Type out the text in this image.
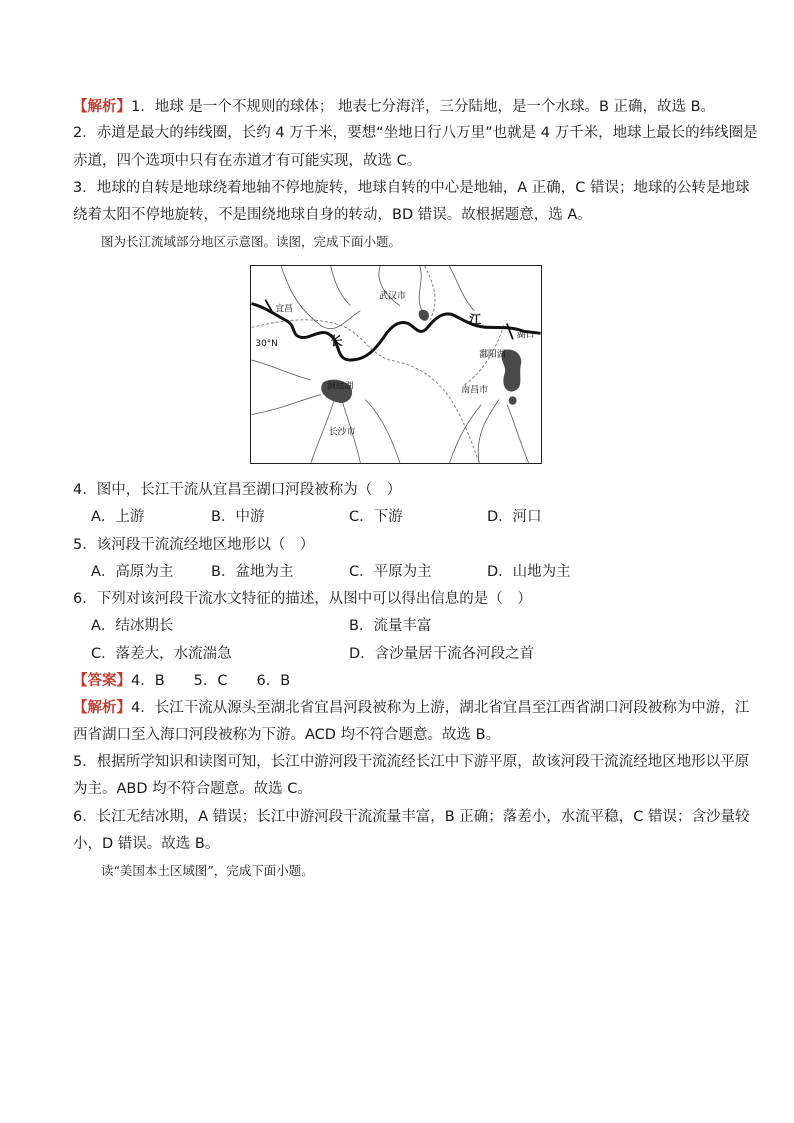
【解析】1．地球 是一个不规则的球体； 地表七分海洋，三分陆地，是一个水球。B 正确，故选 B。
2．赤道是最大的纬线圈，长约 4 万千米，要想“坐地日行八万里”也就是 4 万千米，地球上最长的纬线圈是
赤道，四个选项中只有在赤道才有可能实现，故选 C。
3．地球的自转是地球绕着地轴不停地旋转，地球自转的中心是地轴，A 正确，C 错误；地球的公转是地球
绕着太阳不停地旋转，不是围绕地球自身的转动，BD 错误。故根据题意，选 A。
图为长江流域部分地区示意图。读图，完成下面小题。
宜昌
武汉市
30°N	长
江
湖口
鄱阳湖
洞庭湖	南昌市
长沙市
4．图中，长江干流从宜昌至湖口河段被称为（　）
A．上游	B．中游	C．下游	D．河口
5．该河段干流流经地区地形以（　）
A．高原为主	B．盆地为主	C．平原为主	D．山地为主
6．下列对该河段干流水文特征的描述，从图中可以得出信息的是（　）
A．结冰期长	B．流量丰富
C．落差大，水流湍急	D．含沙量居干流各河段之首
【答案】4．B　　5．C　　6．B
【解析】4．长江干流从源头至湖北省宜昌河段被称为上游，湖北省宜昌至江西省湖口河段被称为中游，江
西省湖口至入海口河段被称为下游。ACD 均不符合题意。故选 B。
5．根据所学知识和读图可知，长江中游河段干流流经长江中下游平原，故该河段干流流经地区地形以平原
为主。ABD 均不符合题意。故选 C。
6．长江无结冰期，A 错误；长江中游河段干流流量丰富，B 正确；落差小，水流平稳，C 错误；含沙量较
小，D 错误。故选 B。
读“美国本土区域图”，完成下面小题。
